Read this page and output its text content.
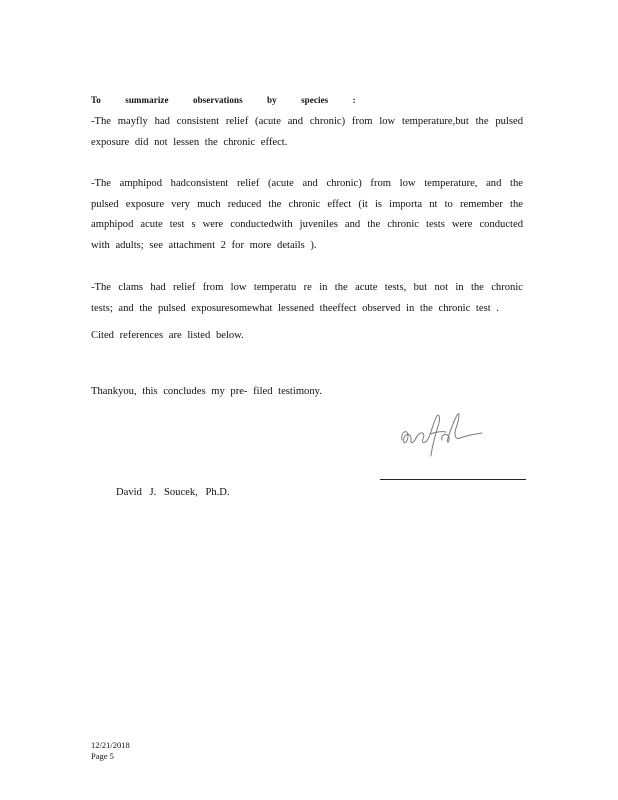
To summarize observations by species :
-The mayfly had consistent relief (acute and chronic) from low temperature,but the pulsed exposure did not lessen the chronic effect.
-The amphipod hadconsistent relief (acute and chronic) from low temperature, and the pulsed exposure very much reduced the chronic effect (it is importa nt to remember the amphipod acute test s were conductedwith juveniles and the chronic tests were conducted with adults; see attachment 2 for more details ).
-The clams had relief from low temperatu re in the acute tests, but not in the chronic tests; and the pulsed exposuresomewhat lessened theeffect observed in the chronic test .
Cited references are listed below.
Thankyou, this concludes my pre- filed testimony.
David J. Soucek, Ph.D.
12/21/2018
Page 5
